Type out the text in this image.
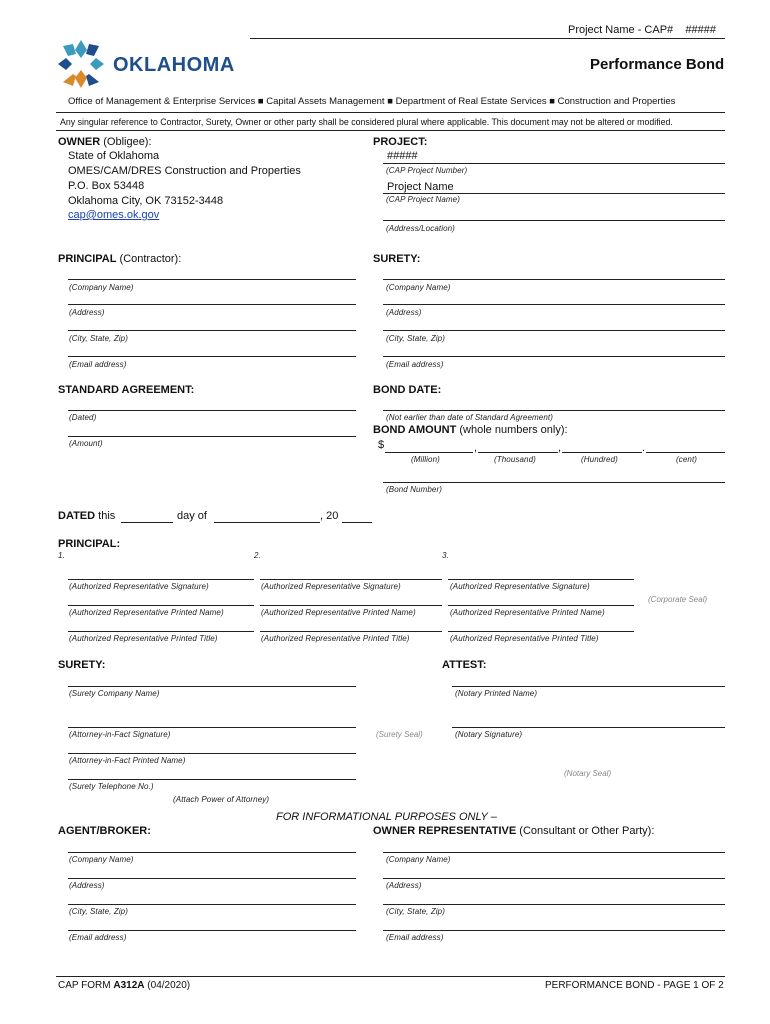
Project Name - CAP# #####
OKLAHOMA	Performance Bond
Office of Management & Enterprise Services ■ Capital Assets Management ■ Department of Real Estate Services ■ Construction and Properties
Any singular reference to Contractor, Surety, Owner or other party shall be considered plural where applicable. This document may not be altered or modified.
OWNER (Obligee):
State of Oklahoma
OMES/CAM/DRES Construction and Properties
P.O. Box 53448
Oklahoma City, OK 73152-3448
cap@omes.ok.gov
PROJECT:
#####
(CAP Project Number)
Project Name
(CAP Project Name)
(Address/Location)
PRINCIPAL (Contractor):
(Company Name)
(Address)
(City, State, Zip)
(Email address)
SURETY:
(Company Name)
(Address)
(City, State, Zip)
(Email address)
STANDARD AGREEMENT:
(Dated)
(Amount)
BOND DATE:
(Not earlier than date of Standard Agreement)
BOND AMOUNT (whole numbers only):
$	,	,	.
(Million)	(Thousand)	(Hundred)	(cent)
(Bond Number)
DATED this	day of	, 20
PRINCIPAL:
1.	2.	3.
(Authorized Representative Signature)	(Authorized Representative Signature)	(Authorized Representative Signature)
(Corporate Seal)
(Authorized Representative Printed Name)	(Authorized Representative Printed Name)	(Authorized Representative Printed Name)
(Authorized Representative Printed Title)	(Authorized Representative Printed Title)	(Authorized Representative Printed Title)
SURETY:
(Surety Company Name)
(Attorney-in-Fact Signature)	(Surety Seal)
(Attorney-in-Fact Printed Name)
(Surety Telephone No.)
(Attach Power of Attorney)
ATTEST:
(Notary Printed Name)
(Notary Signature)
(Notary Seal)
FOR INFORMATIONAL PURPOSES ONLY –
AGENT/BROKER:	OWNER REPRESENTATIVE (Consultant or Other Party):
(Company Name)
(Address)
(City, State, Zip)
(Email address)
(Company Name)
(Address)
(City, State, Zip)
(Email address)
CAP FORM A312A (04/2020)	PERFORMANCE BOND - PAGE 1 OF 2
